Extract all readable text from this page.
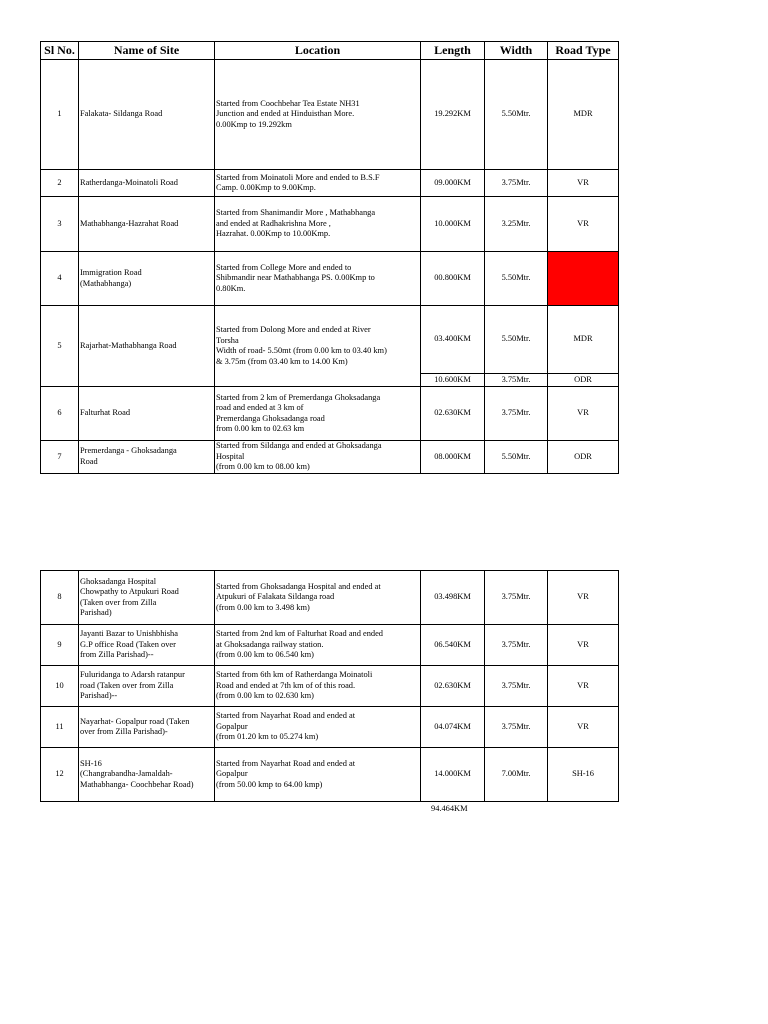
Sl No.	Name of Site	Location	Length	Width	Road Type
1	Falakata- Sildanga Road	Started from Coochbehar Tea Estate NH31
Junction and ended at Hinduisthan More.
0.00Kmp to 19.292km	19.292KM	5.50Mtr.	MDR
2	Ratherdanga-Moinatoli Road	Started from Moinatoli More and ended to B.S.F
Camp. 0.00Kmp to 9.00Kmp.	09.000KM	3.75Mtr.	VR
3	Mathabhanga-Hazrahat Road	Started from Shanimandir More , Mathabhanga
and ended at Radhakrishna More ,
Hazrahat. 0.00Kmp to 10.00Kmp.	10.000KM	3.25Mtr.	VR
4	Immigration Road
(Mathabhanga)	Started from College More and ended to
Shibmandir near Mathabhanga PS. 0.00Kmp to
0.80Km.	00.800KM	5.50Mtr.	
5	Rajarhat-Mathabhanga Road	Started from Dolong More and ended at River
Torsha
Width of road- 5.50mt (from 0.00 km to 03.40 km)
& 3.75m (from 03.40 km to 14.00 Km)	03.400KM	5.50Mtr.	MDR
			10.600KM	3.75Mtr.	ODR
6	Falturhat Road	Started from 2 km of Premerdanga Ghoksadanga
road and ended at 3 km of
Premerdanga Ghoksadanga road
from 0.00 km to 02.63 km	02.630KM	3.75Mtr.	VR
7	Premerdanga - Ghoksadanga
Road	Started from Sildanga and ended at Ghoksadanga
Hospital
(from 0.00 km to 08.00 km)	08.000KM	5.50Mtr.	ODR
8	Ghoksadanga Hospital
Chowpathy to Atpukuri Road
(Taken over from Zilla
Parishad)	Started from Ghoksadanga Hospital and ended at
Atpukuri of Falakata Sildanga road
(from 0.00 km to 3.498 km)	03.498KM	3.75Mtr.	VR
9	Jayanti Bazar to Unishbhisha
G.P office Road (Taken over
from Zilla Parishad)--	Started from 2nd km of Falturhat Road and ended
at Ghoksadanga railway station.
(from 0.00 km to 06.540 km)	06.540KM	3.75Mtr.	VR
10	Fuluridanga to Adarsh ratanpur
road (Taken over from Zilla
Parishad)--	Started from 6th km of Ratherdanga Moinatoli
Road and ended at 7th km of of this road.
(from 0.00 km to 02.630 km)	02.630KM	3.75Mtr.	VR
11	Nayarhat- Gopalpur road (Taken
over from Zilla Parishad)-	Started from Nayarhat Road and ended at
Gopalpur
(from 01.20 km to 05.274 km)	04.074KM	3.75Mtr.	VR
12	SH-16
(Changrabandha-Jamaldah-
Mathabhanga- Coochbehar Road)	Started from Nayarhat Road and ended at
Gopalpur
(from 50.00 kmp to 64.00 kmp)	14.000KM	7.00Mtr.	SH-16
94.464KM
